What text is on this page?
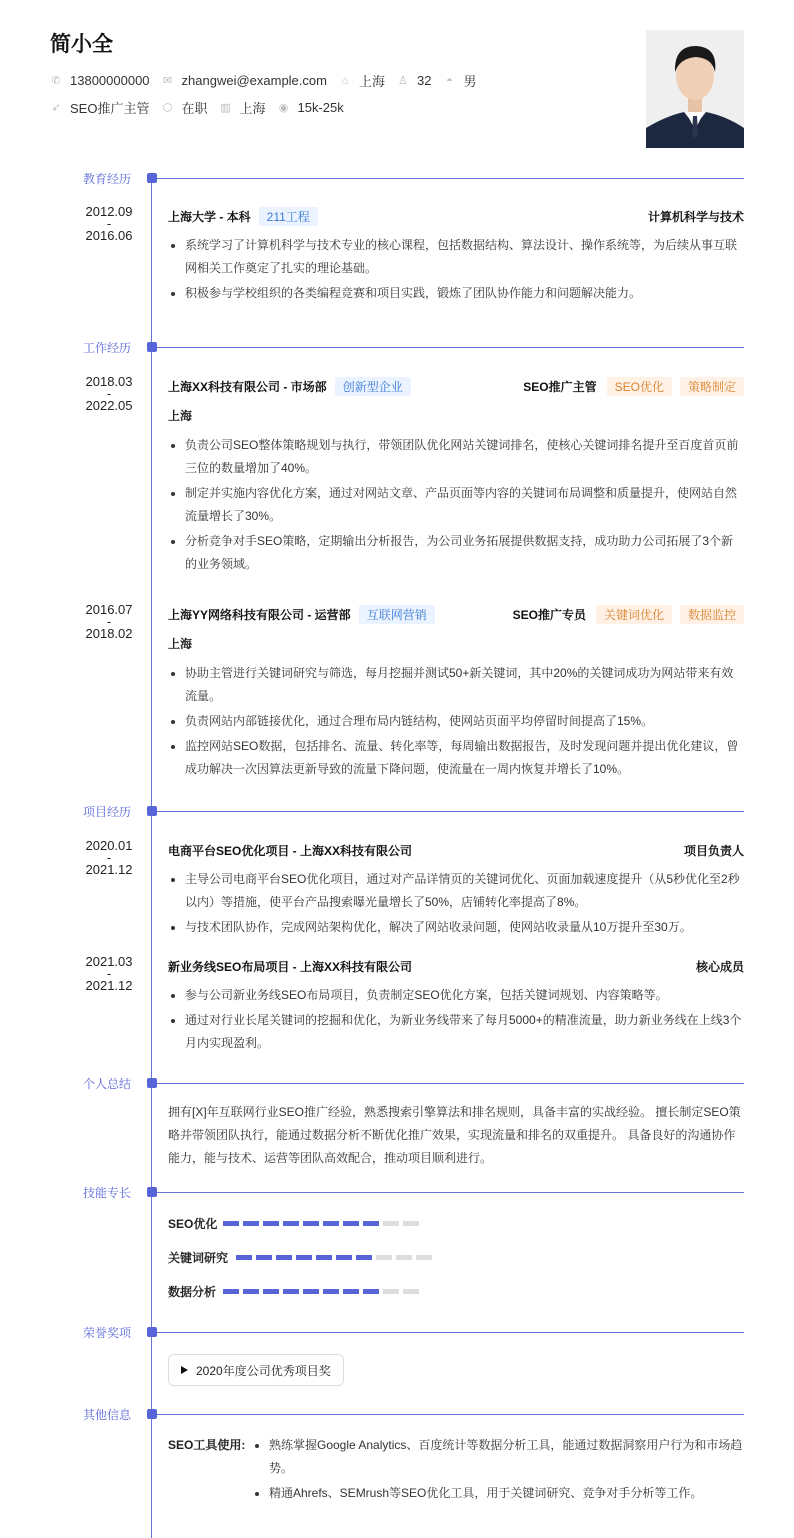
简小全
✆ 13800000000 ✉ zhangwei@example.com ⌂ 上海 ♙ 32 ◓ 男
➶ SEO推广主管 ⬡ 在职 ▥ 上海 ◉ 15k-25k
教育经历
2012.09
-
2016.06
上海大学 - 本科	211工程	计算机科学与技术
系统学习了计算机科学与技术专业的核心课程，包括数据结构、算法设计、操作系统等，为后续从事互联网相关工作奠定了扎实的理论基础。
积极参与学校组织的各类编程竞赛和项目实践，锻炼了团队协作能力和问题解决能力。
工作经历
2018.03
-
2022.05
上海XX科技有限公司 - 市场部	创新型企业	SEO推广主管	SEO优化	策略制定
上海
负责公司SEO整体策略规划与执行，带领团队优化网站关键词排名，使核心关键词排名提升至百度首页前三位的数量增加了40%。
制定并实施内容优化方案，通过对网站文章、产品页面等内容的关键词布局调整和质量提升，使网站自然流量增长了30%。
分析竞争对手SEO策略，定期输出分析报告，为公司业务拓展提供数据支持，成功助力公司拓展了3个新的业务领域。
2016.07
-
2018.02
上海YY网络科技有限公司 - 运营部	互联网营销	SEO推广专员	关键词优化	数据监控
上海
协助主管进行关键词研究与筛选，每月挖掘并测试50+新关键词，其中20%的关键词成功为网站带来有效流量。
负责网站内部链接优化，通过合理布局内链结构，使网站页面平均停留时间提高了15%。
监控网站SEO数据，包括排名、流量、转化率等，每周输出数据报告，及时发现问题并提出优化建议，曾成功解决一次因算法更新导致的流量下降问题，使流量在一周内恢复并增长了10%。
项目经历
2020.01
-
2021.12
电商平台SEO优化项目 - 上海XX科技有限公司	项目负责人
主导公司电商平台SEO优化项目，通过对产品详情页的关键词优化、页面加载速度提升（从5秒优化至2秒以内）等措施，使平台产品搜索曝光量增长了50%，店铺转化率提高了8%。
与技术团队协作，完成网站架构优化，解决了网站收录问题，使网站收录量从10万提升至30万。
2021.03
-
2021.12
新业务线SEO布局项目 - 上海XX科技有限公司	核心成员
参与公司新业务线SEO布局项目，负责制定SEO优化方案，包括关键词规划、内容策略等。
通过对行业长尾关键词的挖掘和优化，为新业务线带来了每月5000+的精准流量，助力新业务线在上线3个月内实现盈利。
个人总结
拥有[X]年互联网行业SEO推广经验，熟悉搜索引擎算法和排名规则，具备丰富的实战经验。 擅长制定SEO策略并带领团队执行，能通过数据分析不断优化推广效果，实现流量和排名的双重提升。 具备良好的沟通协作能力，能与技术、运营等团队高效配合，推动项目顺利进行。
技能专长
SEO优化
关键词研究
数据分析
荣誉奖项
2020年度公司优秀项目奖
其他信息
SEO工具使用:	熟练掌握Google Analytics、百度统计等数据分析工具，能通过数据洞察用户行为和市场趋势。
精通Ahrefs、SEMrush等SEO优化工具，用于关键词研究、竞争对手分析等工作。
